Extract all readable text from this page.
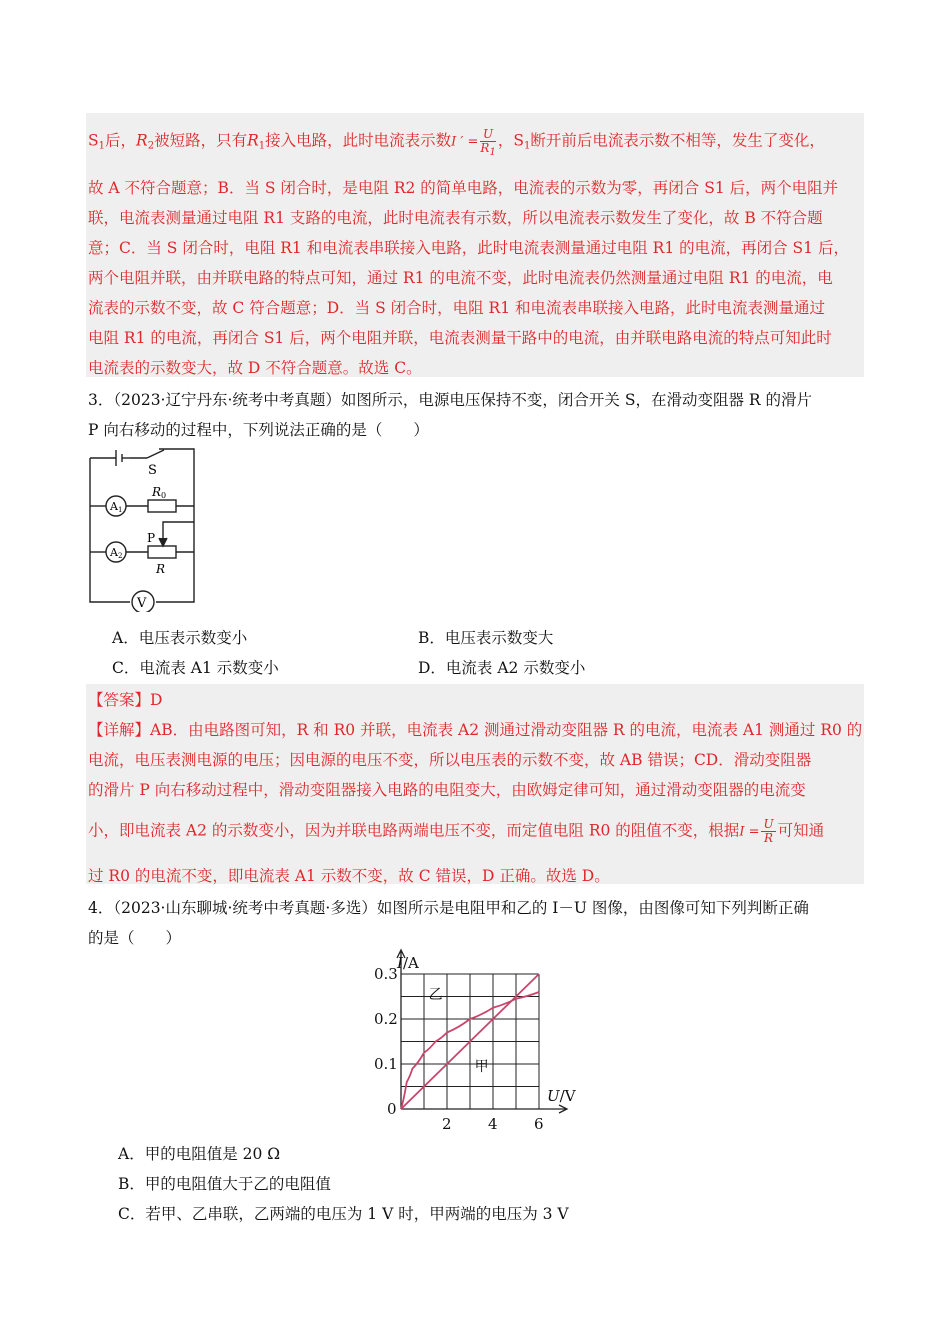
$S_1$后，$R_2$被短路，只有$R_1$接入电路，此时电流表示数I ′ = $\frac{U}{R_1}$ ，$S_1$断开前后电流表示数不相等，发生了变化，
故 A 不符合题意；B．当 S 闭合时，是电阻 R2 的简单电路，电流表的示数为零，再闭合 S1 后，两个电阻并
联，电流表测量通过电阻 R1 支路的电流，此时电流表有示数，所以电流表示数发生了变化，故 B 不符合题
意；C．当 S 闭合时，电阻 R1 和电流表串联接入电路，此时电流表测量通过电阻 R1 的电流，再闭合 S1 后，
两个电阻并联，由并联电路的特点可知，通过 R1 的电流不变，此时电流表仍然测量通过电阻 R1 的电流，电
流表的示数不变，故 C 符合题意；D．当 S 闭合时，电阻 R1 和电流表串联接入电路，此时电流表测量通过
电阻 R1 的电流，再闭合 S1 后，两个电阻并联，电流表测量干路中的电流，由并联电路电流的特点可知此时
电流表的示数变大，故 D 不符合题意。故选 C。
3．（2023·辽宁丹东·统考中考真题）如图所示，电源电压保持不变，闭合开关 S，在滑动变阻器 R 的滑片
P 向右移动的过程中，下列说法正确的是（　　）
S
A1
R0
P
A2
R
V
A．电压表示数变小	B．电压表示数变大
C．电流表 A1 示数变小	D．电流表 A2 示数变小
【答案】D
【详解】AB．由电路图可知，R 和 R0 并联，电流表 A2 测通过滑动变阻器 R 的电流，电流表 A1 测通过 R0 的
电流，电压表测电源的电压；因电源的电压不变，所以电压表的示数不变，故 AB 错误；CD．滑动变阻器
的滑片 P 向右移动过程中，滑动变阻器接入电路的电阻变大，由欧姆定律可知，通过滑动变阻器的电流变
小，即电流表 A2 的示数变小，因为并联电路两端电压不变，而定值电阻 R0 的阻值不变，根据$I = \frac{U}{R}$ 可知通
过 R0 的电流不变，即电流表 A1 示数不变，故 C 错误，D 正确。故选 D。
4．（2023·山东聊城·统考中考真题·多选）如图所示是电阻甲和乙的 I－U 图像，由图像可知下列判断正确
的是（　　）
0.3
0.2
0.1
2 4 6
0
I/A
U/V
乙
甲
A．甲的电阻值是 20 Ω
B．甲的电阻值大于乙的电阻值
C．若甲、乙串联，乙两端的电压为 1 V 时，甲两端的电压为 3 V
